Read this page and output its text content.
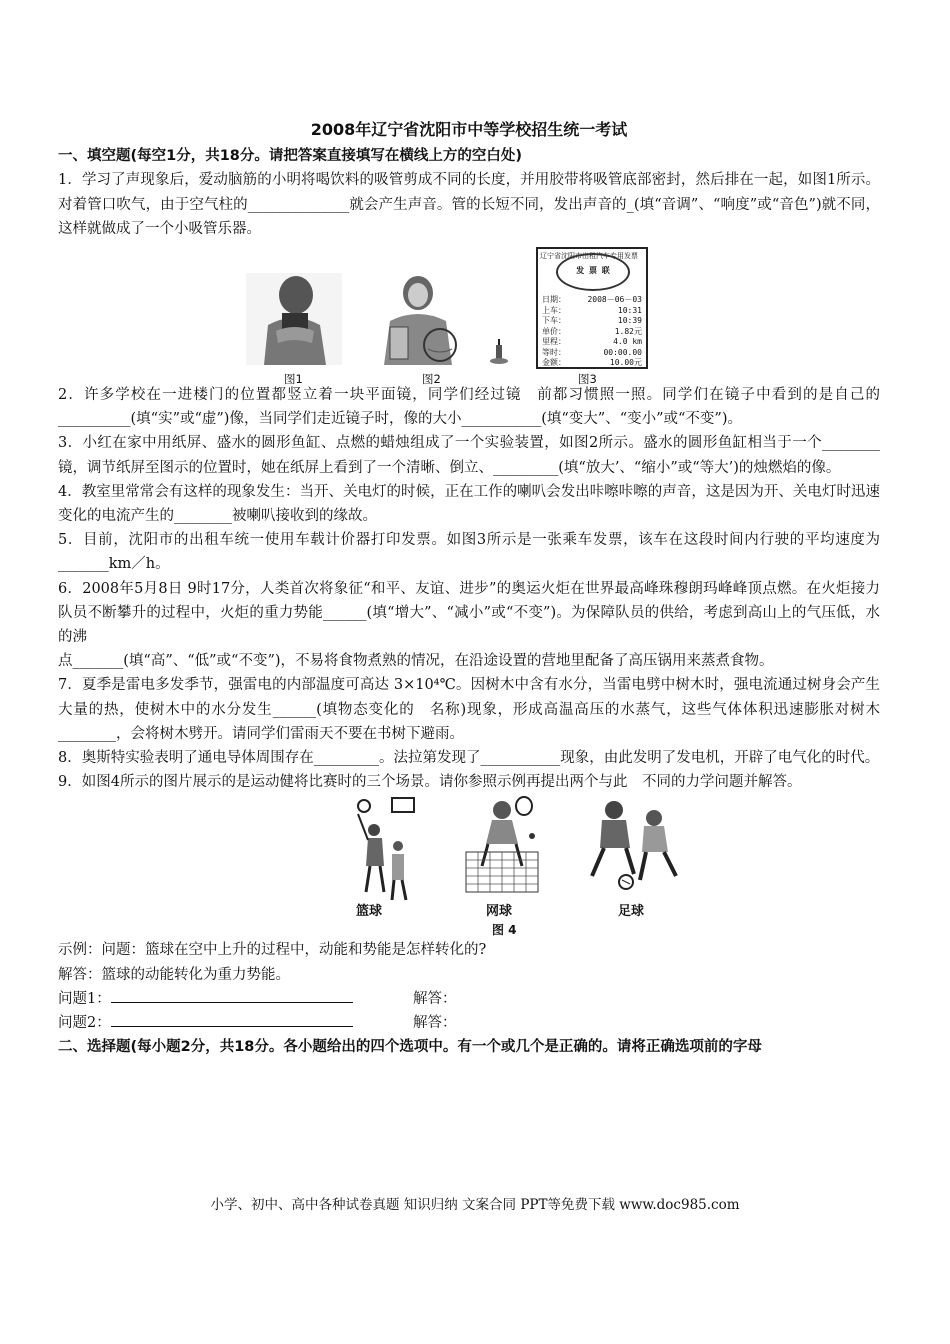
2008年辽宁省沈阳市中等学校招生统一考试

一、填空题(每空1分，共18分。请把答案直接填写在横线上方的空白处)

1．学习了声现象后，爱动脑筋的小明将喝饮料的吸管剪成不同的长度，并用胶带将吸管底部密封，然后排在一起，如图1所示。对着管口吹气，由于空气柱的______________就会产生声音。管的长短不同，发出声音的_(填“音调”、“响度”或“音色”)就不同，这样就做成了一个小吸管乐器。

图1	图2
辽宁省沈阳市出租汽车专用发票
发 票 联
日期：	2008－06－03
上车：	10:31
下车：	10:39
单价：	1.82元
里程：	4.0 km
等时：	00:00.00
金额：	10.00元
图3

2．许多学校在一进楼门的位置都竖立着一块平面镜，同学们经过镜　前都习惯照一照。同学们在镜子中看到的是自己的__________(填“实”或“虚”)像，当同学们走近镜子时，像的大小___________(填“变大”、“变小”或“不变”)。

3．小红在家中用纸屏、盛水的圆形鱼缸、点燃的蜡烛组成了一个实验装置，如图2所示。盛水的圆形鱼缸相当于一个________ 镜，调节纸屏至图示的位置时，她在纸屏上看到了一个清晰、倒立、_________(填“放大’、“缩小”或“等大’)的烛燃焰的像。

4．教室里常常会有这样的现象发生：当开、关电灯的时候，正在工作的喇叭会发出咔嚓咔嚓的声音，这是因为开、关电灯时迅速变化的电流产生的________被喇叭接收到的缘故。

5．目前，沈阳市的出租车统一使用车载计价器打印发票。如图3所示是一张乘车发票，该车在这段时间内行驶的平均速度为_______km／h。

6．2008年5月8日 9时17分，人类首次将象征“和平、友谊、进步”的奥运火炬在世界最高峰珠穆朗玛峰峰顶点燃。在火炬接力队员不断攀升的过程中，火炬的重力势能______(填“增大”、“减小”或“不变”)。为保障队员的供给，考虑到高山上的气压低，水的沸

点_______(填“高”、“低”或“不变”)，不易将食物煮熟的情况，在沿途设置的营地里配备了高压锅用来蒸煮食物。

7．夏季是雷电多发季节，强雷电的内部温度可高达 3×10⁴℃。因树木中含有水分，当雷电劈中树木时，强电流通过树身会产生大量的热，使树木中的水分发生______(填物态变化的　名称)现象，形成高温高压的水蒸气，这些气体体积迅速膨胀对树木________，会将树木劈开。请同学们雷雨天不要在书树下避雨。

8．奥斯特实验表明了通电导体周围存在_________。法拉第发现了___________现象，由此发明了发电机，开辟了电气化的时代。

9．如图4所示的图片展示的是运动健将比赛时的三个场景。请你参照示例再提出两个与此　不同的力学问题并解答。

篮球	网球
图 4
足球

示例：问题：篮球在空中上升的过程中，动能和势能是怎样转化的?

解答：篮球的动能转化为重力势能。

问题1：	解答：
问题2：	解答：

二、选择题(每小题2分，共18分。各小题给出的四个选项中。有一个或几个是正确的。请将正确选项前的字母

小学、初中、高中各种试卷真题 知识归纳 文案合同 PPT等免费下载 www.doc985.com
